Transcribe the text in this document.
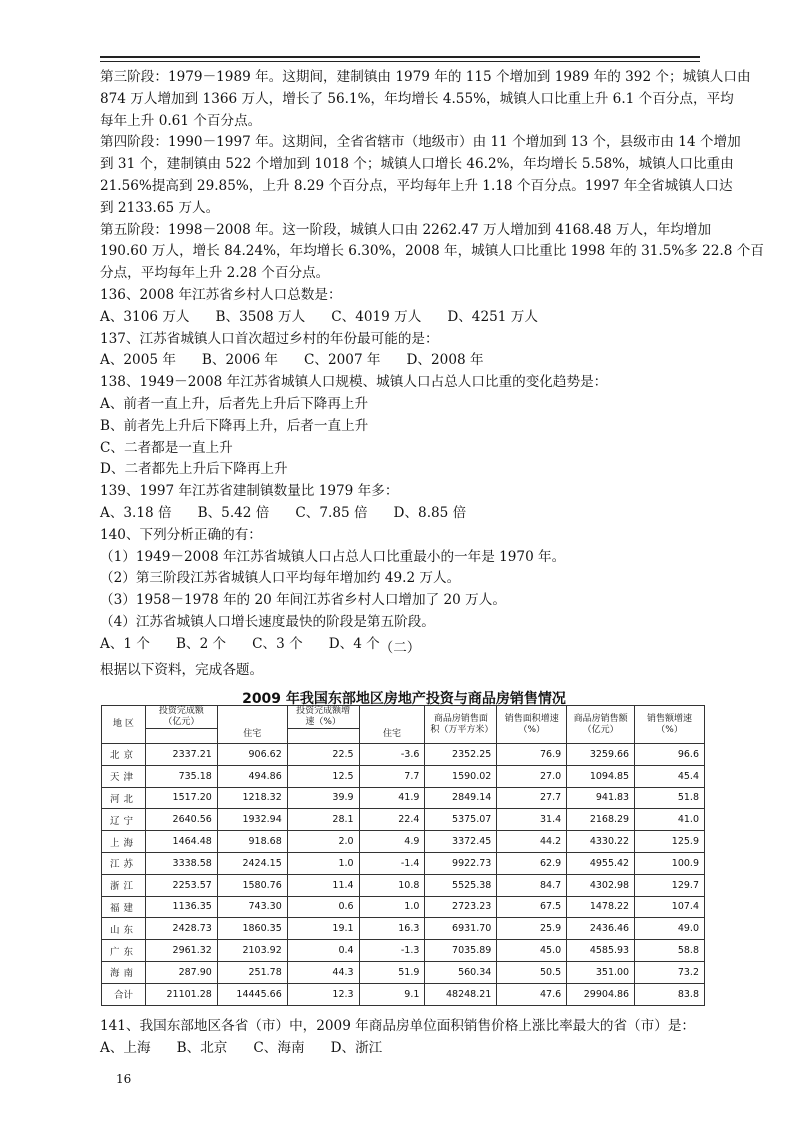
第三阶段：1979－1989 年。这期间，建制镇由 1979 年的 115 个增加到 1989 年的 392 个；城镇人口由
874 万人增加到 1366 万人，增长了 56.1%，年均增长 4.55%，城镇人口比重上升 6.1 个百分点，平均
每年上升 0.61 个百分点。
第四阶段：1990－1997 年。这期间，全省省辖市（地级市）由 11 个增加到 13 个，县级市由 14 个增加
到 31 个，建制镇由 522 个增加到 1018 个；城镇人口增长 46.2%，年均增长 5.58%，城镇人口比重由
21.56%提高到 29.85%，上升 8.29 个百分点，平均每年上升 1.18 个百分点。1997 年全省城镇人口达
到 2133.65 万人。
第五阶段：1998－2008 年。这一阶段，城镇人口由 2262.47 万人增加到 4168.48 万人，年均增加
190.60 万人，增长 84.24%，年均增长 6.30%，2008 年，城镇人口比重比 1998 年的 31.5%多 22.8 个百
分点，平均每年上升 2.28 个百分点。
136、2008 年江苏省乡村人口总数是：
A、3106 万人 B、3508 万人 C、4019 万人 D、4251 万人
137、江苏省城镇人口首次超过乡村的年份最可能的是：
A、2005 年 B、2006 年 C、2007 年 D、2008 年
138、1949－2008 年江苏省城镇人口规模、城镇人口占总人口比重的变化趋势是：
A、前者一直上升，后者先上升后下降再上升
B、前者先上升后下降再上升，后者一直上升
C、二者都是一直上升
D、二者都先上升后下降再上升
139、1997 年江苏省建制镇数量比 1979 年多：
A、3.18 倍 B、5.42 倍 C、7.85 倍 D、8.85 倍
140、下列分析正确的有：
（1）1949－2008 年江苏省城镇人口占总人口比重最小的一年是 1970 年。
（2）第三阶段江苏省城镇人口平均每年增加约 49.2 万人。
（3）1958－1978 年的 20 年间江苏省乡村人口增加了 20 万人。
（4）江苏省城镇人口增长速度最快的阶段是第五阶段。
A、1 个 B、2 个 C、3 个 D、4 个 （二）
根据以下资料，完成各题。
2009 年我国东部地区房地产投资与商品房销售情况
地 区	投资完成额（亿元）	住宅	投资完成额增速（%）	住宅	商品房销售面积（万平方米）	销售面积增速（%）	商品房销售额（亿元）	销售额增速（%）

北京	2337.21	906.62	22.5	-3.6	2352.25	76.9	3259.66	96.6
天津	735.18	494.86	12.5	7.7	1590.02	27.0	1094.85	45.4
河北	1517.20	1218.32	39.9	41.9	2849.14	27.7	941.83	51.8
辽宁	2640.56	1932.94	28.1	22.4	5375.07	31.4	2168.29	41.0
上海	1464.48	918.68	2.0	4.9	3372.45	44.2	4330.22	125.9
江苏	3338.58	2424.15	1.0	-1.4	9922.73	62.9	4955.42	100.9
浙江	2253.57	1580.76	11.4	10.8	5525.38	84.7	4302.98	129.7
福建	1136.35	743.30	0.6	1.0	2723.23	67.5	1478.22	107.4
山东	2428.73	1860.35	19.1	16.3	6931.70	25.9	2436.46	49.0
广东	2961.32	2103.92	0.4	-1.3	7035.89	45.0	4585.93	58.8
海南	287.90	251.78	44.3	51.9	560.34	50.5	351.00	73.2
合计	21101.28	14445.66	12.3	9.1	48248.21	47.6	29904.86	83.8
141、我国东部地区各省（市）中，2009 年商品房单位面积销售价格上涨比率最大的省（市）是：
A、上海 B、北京 C、海南 D、浙江
16
